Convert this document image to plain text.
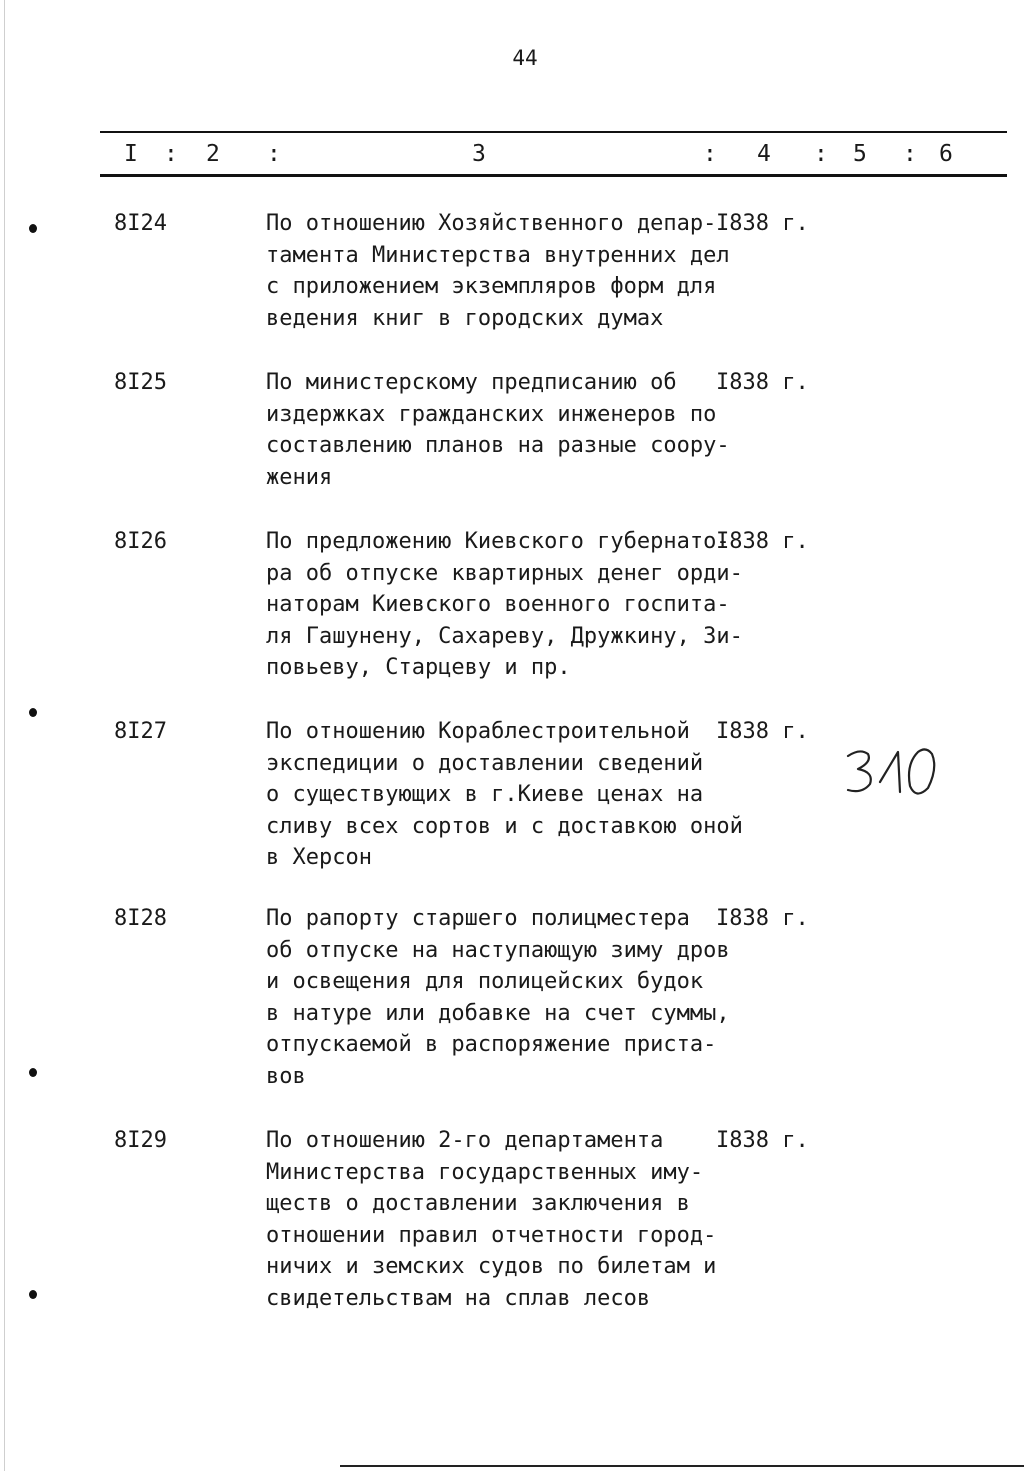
44
I : 2 :	3	: 4 : 5 : 6
8I24	По отношению Хозяйственного депар-
тамента Министерства внутренних дел
с приложением экземпляров форм для
ведения книг в городских думах
I838 г.
8I25	По министерскому предписанию об
издержках гражданских инженеров по
составлению планов на разные соору-
жения
I838 г.
8I26	По предложению Киевского губернато-
ра об отпуске квартирных денег орди-
наторам Киевского военного госпита-
ля Гашунену, Сахареву, Дружкину, Зи-
повьеву, Старцеву и пр.
I838 г.
8I27	По отношению Кораблестроительной
экспедиции о доставлении сведений
о существующих в г.Киеве ценах на
сливу всех сортов и с доставкою оной
в Херсон
I838 г.
8I28	По рапорту старшего полицместера
об отпуске на наступающую зиму дров
и освещения для полицейских будок
в натуре или добавке на счет суммы,
отпускаемой в распоряжение приста-
вов
I838 г.
8I29	По отношению 2-го департамента
Министерства государственных иму-
ществ о доставлении заключения в
отношении правил отчетности город-
ничих и земских судов по билетам и
свидетельствам на сплав лесов
I838 г.
